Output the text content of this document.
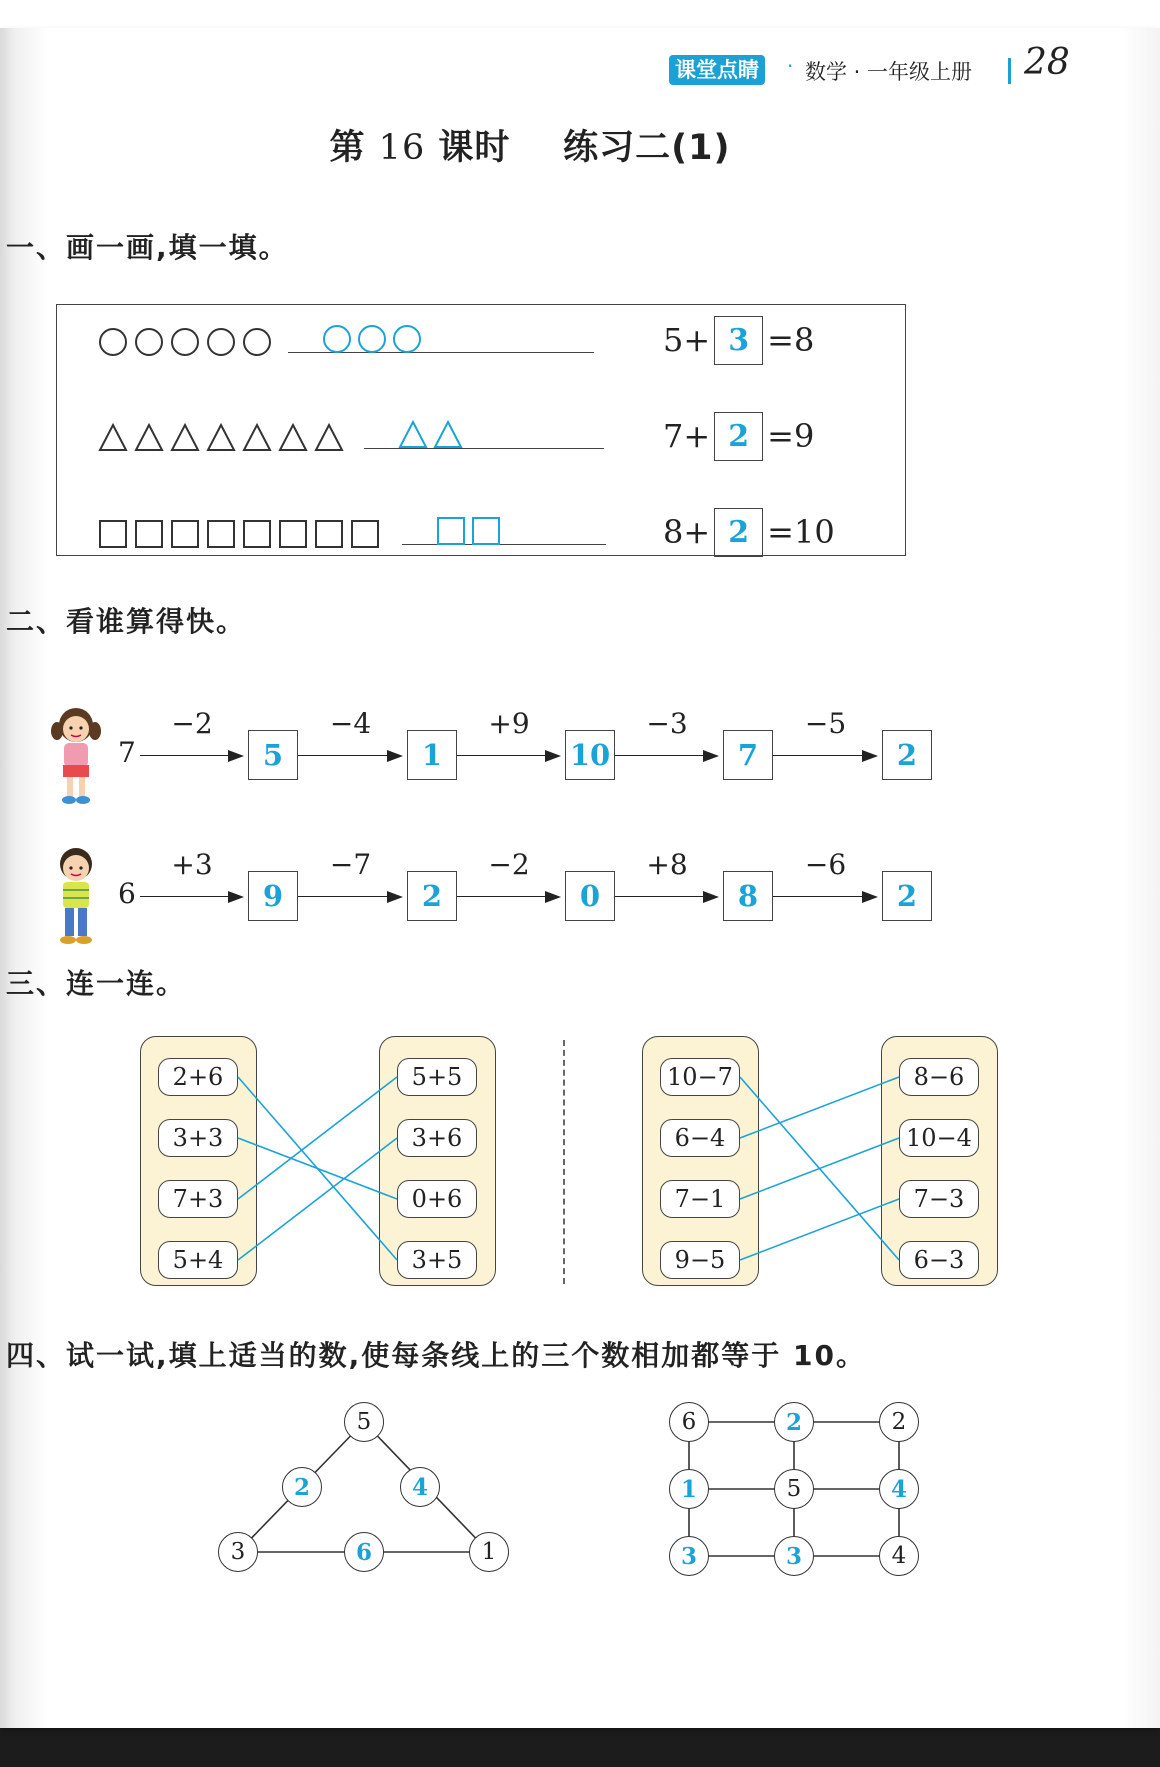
课堂点睛	· 数学 · 一年级上册 28
第 16 课时 练习二(1)
一、画一画,填一填。
二、看谁算得快。
三、连一连。
四、试一试,填上适当的数,使每条线上的三个数相加都等于 10。
5 + 3 = 8
7 + 2 = 9
8 + 2 = 10
7
−2
5
−4
1
+9
10
−3
7
−5
2
6
+3
9
−7
2
−2
0
+8
8
−6
2
2+6
3+3
7+3
5+4
5+5
3+6
0+6
3+5
10−7
6−4
7−1
9−5
8−6
10−4
7−3
6−3
5
2	4
3	6	1
6	2	2
1	5	4
3	3	4
